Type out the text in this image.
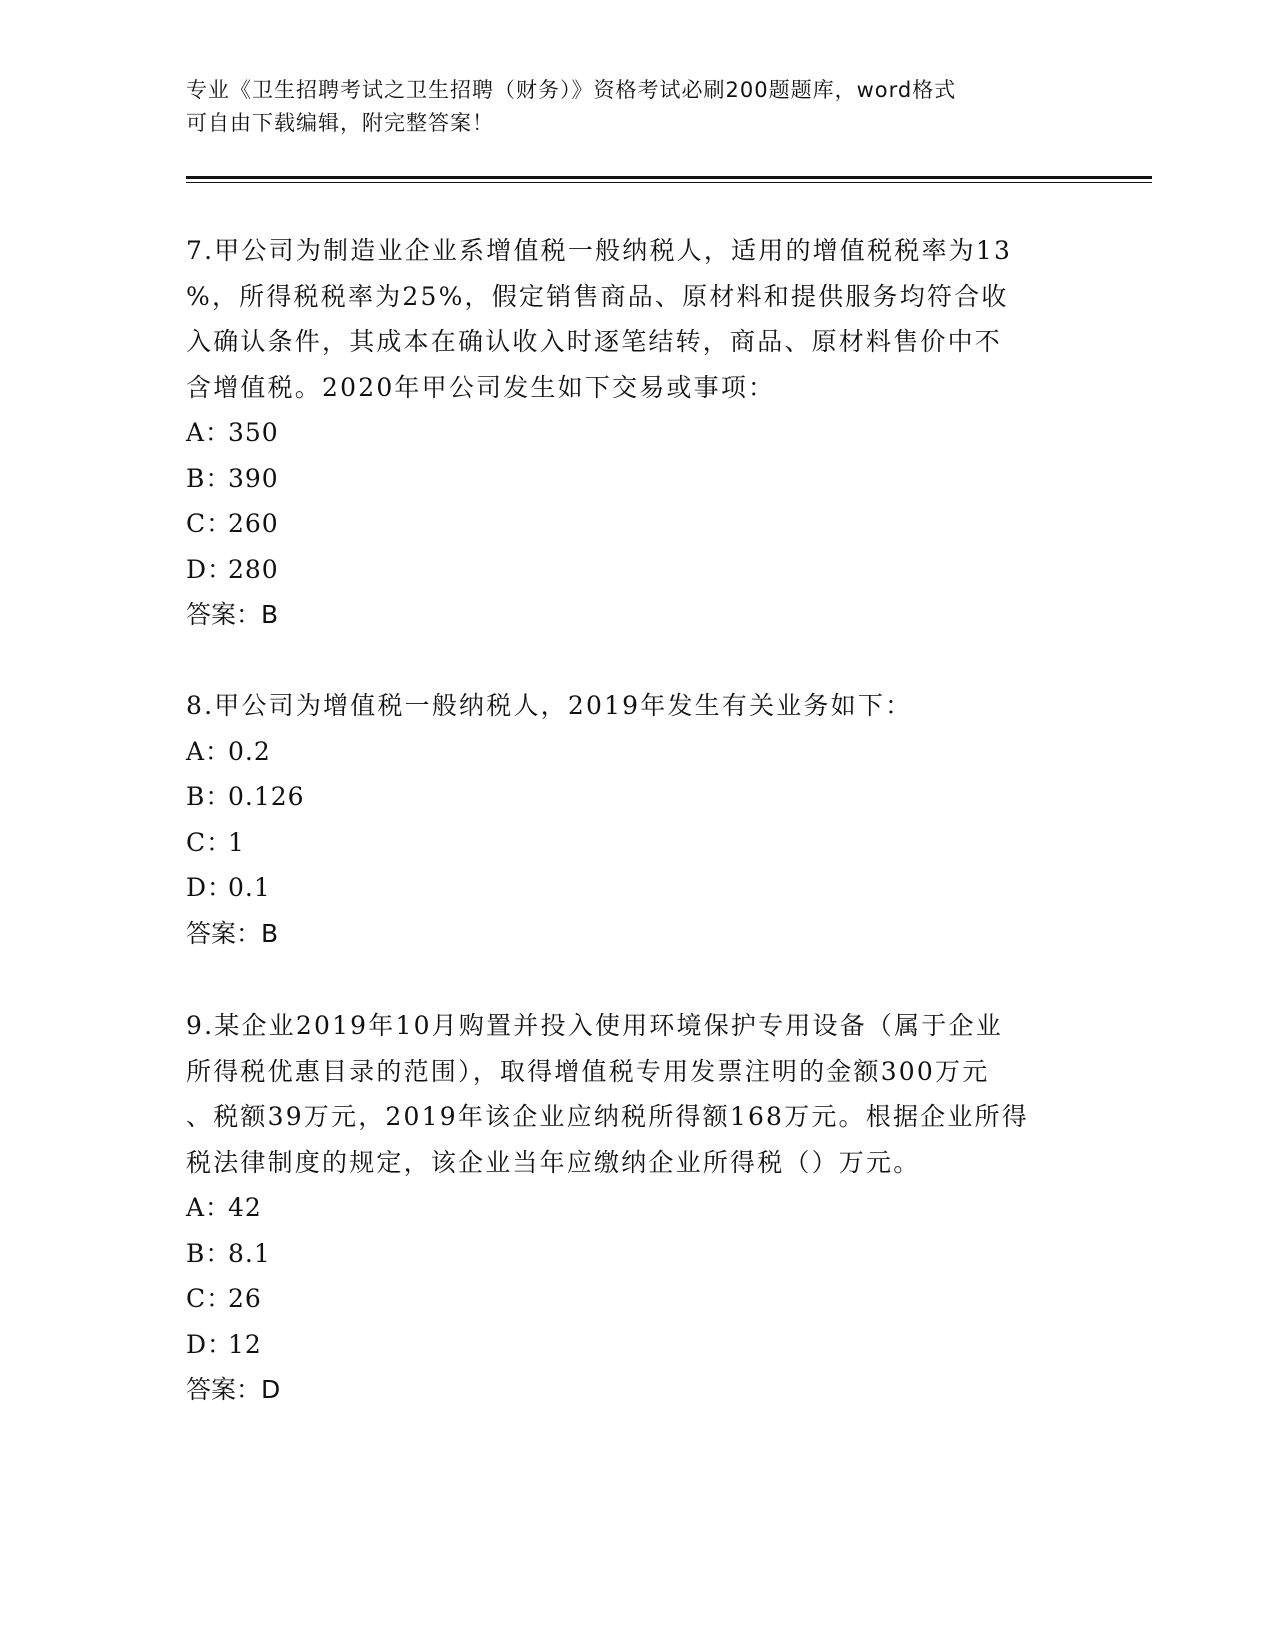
专业《卫生招聘考试之卫生招聘（财务）》资格考试必刷200题题库，word格式
可自由下载编辑，附完整答案！
7.甲公司为制造业企业系增值税一般纳税人，适用的增值税税率为13
%，所得税税率为25%，假定销售商品、原材料和提供服务均符合收
入确认条件，其成本在确认收入时逐笔结转，商品、原材料售价中不
含增值税。2020年甲公司发生如下交易或事项：
A：350
B：390
C：260
D：280
答案：B
8.甲公司为增值税一般纳税人，2019年发生有关业务如下：
A：0.2
B：0.126
C：1
D：0.1
答案：B
9.某企业2019年10月购置并投入使用环境保护专用设备（属于企业
所得税优惠目录的范围），取得增值税专用发票注明的金额300万元
、税额39万元，2019年该企业应纳税所得额168万元。根据企业所得
税法律制度的规定，该企业当年应缴纳企业所得税（）万元。
A：42
B：8.1
C：26
D：12
答案：D
